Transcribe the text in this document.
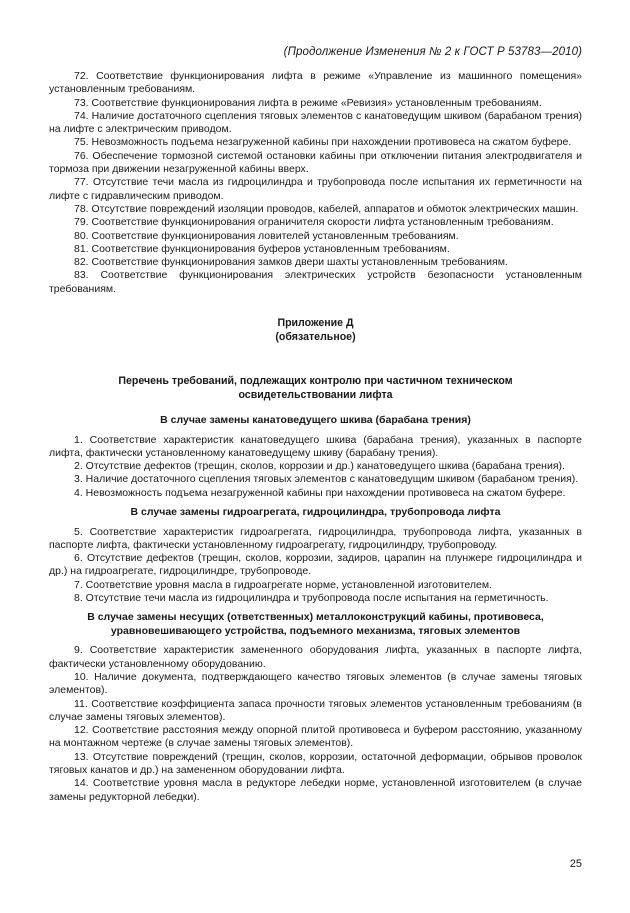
(Продолжение Изменения № 2 к ГОСТ Р 53783—2010)

72. Соответствие функционирования лифта в режиме «Управление из машинного помещения» установленным требованиям.

73. Соответствие функционирования лифта в режиме «Ревизия» установленным требованиям.

74. Наличие достаточного сцепления тяговых элементов с канатоведущим шкивом (барабаном трения) на лифте с электрическим приводом.

75. Невозможность подъема незагруженной кабины при нахождении противовеса на сжатом буфере.

76. Обеспечение тормозной системой остановки кабины при отключении питания электродвигателя и тормоза при движении незагруженной кабины вверх.

77. Отсутствие течи масла из гидроцилиндра и трубопровода после испытания их герметичности на лифте с гидравлическим приводом.

78. Отсутствие повреждений изоляции проводов, кабелей, аппаратов и обмоток электрических машин.

79. Соответствие функционирования ограничителя скорости лифта установленным требованиям.

80. Соответствие функционирования ловителей установленным требованиям.

81. Соответствие функционирования буферов установленным требованиям.

82. Соответствие функционирования замков двери шахты установленным требованиям.

83. Соответствие функционирования электрических устройств безопасности установленным требованиям.

Приложение Д

(обязательное)

Перечень требований, подлежащих контролю при частичном техническом

освидетельствовании лифта

В случае замены канатоведущего шкива (барабана трения)

1. Соответствие характеристик канатоведущего шкива (барабана трения), указанных в паспорте лифта, фактически установленному канатоведущему шкиву (барабану трения).

2. Отсутствие дефектов (трещин, сколов, коррозии и др.) канатоведущего шкива (барабана трения).

3. Наличие достаточного сцепления тяговых элементов с канатоведущим шкивом (барабаном трения).

4. Невозможность подъема незагруженной кабины при нахождении противовеса на сжатом буфере.

В случае замены гидроагрегата, гидроцилиндра, трубопровода лифта

5. Соответствие характеристик гидроагрегата, гидроцилиндра, трубопровода лифта, указанных в паспорте лифта, фактически установленному гидроагрегату, гидроцилиндру, трубопроводу.

6. Отсутствие дефектов (трещин, сколов, коррозии, задиров, царапин на плунжере гидроцилиндра и др.) на гидроагрегате, гидроцилиндре, трубопроводе.

7. Соответствие уровня масла в гидроагрегате норме, установленной изготовителем.

8. Отсутствие течи масла из гидроцилиндра и трубопровода после испытания на герметичность.

В случае замены несущих (ответственных) металлоконструкций кабины, противовеса,

уравновешивающего устройства, подъемного механизма, тяговых элементов

9. Соответствие характеристик замененного оборудования лифта, указанных в паспорте лифта, фактически установленному оборудованию.

10. Наличие документа, подтверждающего качество тяговых элементов (в случае замены тяговых элементов).

11. Соответствие коэффициента запаса прочности тяговых элементов установленным требованиям (в случае замены тяговых элементов).

12. Соответствие расстояния между опорной плитой противовеса и буфером расстоянию, указанному на монтажном чертеже (в случае замены тяговых элементов).

13. Отсутствие повреждений (трещин, сколов, коррозии, остаточной деформации, обрывов проволок тяговых канатов и др.) на замененном оборудовании лифта.

14. Соответствие уровня масла в редукторе лебедки норме, установленной изготовителем (в случае замены редукторной лебедки).

25
